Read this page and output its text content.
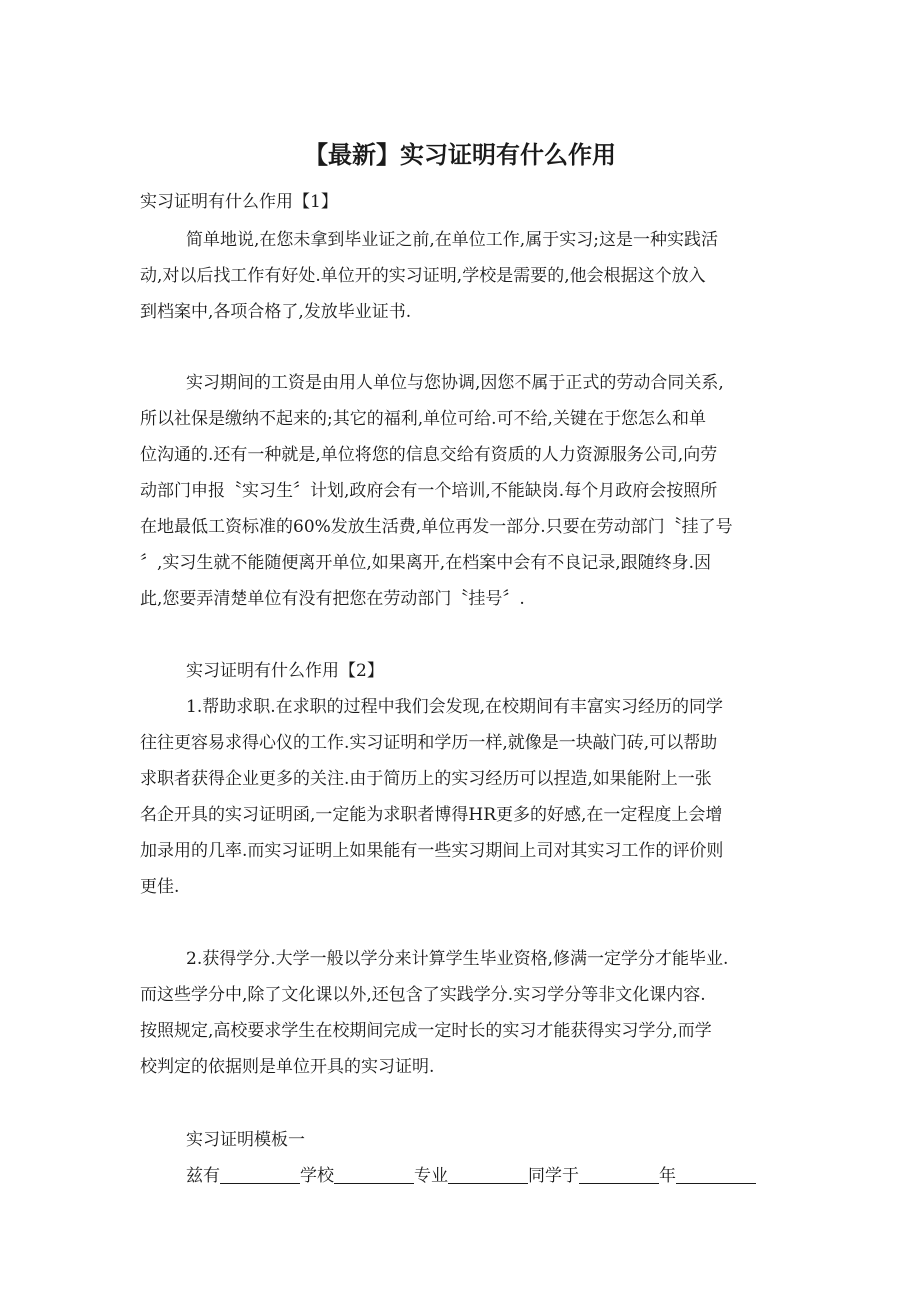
【最新】实习证明有什么作用
实习证明有什么作用【1】
简单地说,在您未拿到毕业证之前,在单位工作,属于实习;这是一种实践活
动,对以后找工作有好处.单位开的实习证明,学校是需要的,他会根据这个放入
到档案中,各项合格了,发放毕业证书.
实习期间的工资是由用人单位与您协调,因您不属于正式的劳动合同关系,
所以社保是缴纳不起来的;其它的福利,单位可给.可不给,关键在于您怎么和单
位沟通的.还有一种就是,单位将您的信息交给有资质的人力资源服务公司,向劳
动部门申报〝实习生〞计划,政府会有一个培训,不能缺岗.每个月政府会按照所
在地最低工资标准的60%发放生活费,单位再发一部分.只要在劳动部门〝挂了号
〞,实习生就不能随便离开单位,如果离开,在档案中会有不良记录,跟随终身.因
此,您要弄清楚单位有没有把您在劳动部门〝挂号〞.
实习证明有什么作用【2】
1.帮助求职.在求职的过程中我们会发现,在校期间有丰富实习经历的同学
往往更容易求得心仪的工作.实习证明和学历一样,就像是一块敲门砖,可以帮助
求职者获得企业更多的关注.由于简历上的实习经历可以捏造,如果能附上一张
名企开具的实习证明函,一定能为求职者博得HR更多的好感,在一定程度上会增
加录用的几率.而实习证明上如果能有一些实习期间上司对其实习工作的评价则
更佳.
2.获得学分.大学一般以学分来计算学生毕业资格,修满一定学分才能毕业.
而这些学分中,除了文化课以外,还包含了实践学分.实习学分等非文化课内容.
按照规定,高校要求学生在校期间完成一定时长的实习才能获得实习学分,而学
校判定的依据则是单位开具的实习证明.
实习证明模板一
兹有	学校	专业	同学于	年
